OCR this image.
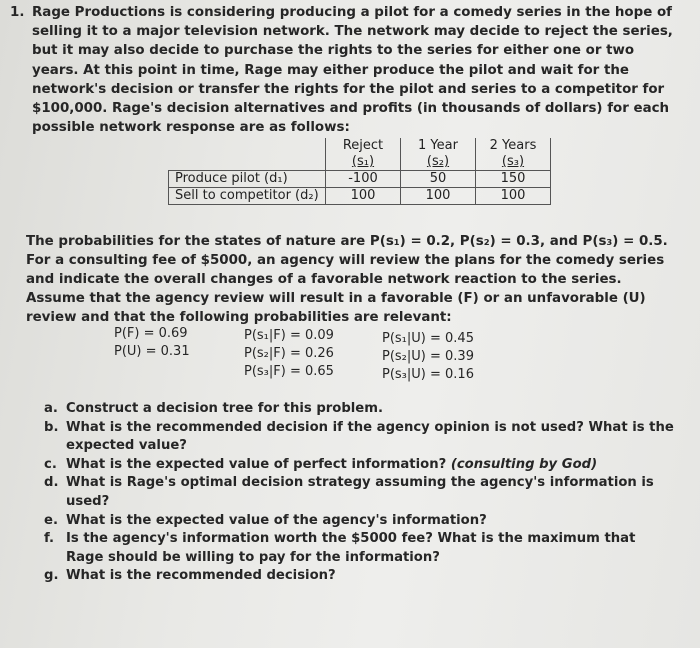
1. Rage Productions is considering producing a pilot for a comedy series in the hope of selling it to a major television network. The network may decide to reject the series, but it may also decide to purchase the rights to the series for either one or two years. At this point in time, Rage may either produce the pilot and wait for the network's decision or transfer the rights for the pilot and series to a competitor for $100,000. Rage's decision alternatives and profits (in thousands of dollars) for each possible network response are as follows:
	Reject	1 Year	2 Years
	(s₁)	(s₂)	(s₃)
Produce pilot (d₁)	-100	50	150
Sell to competitor (d₂)	100	100	100
The probabilities for the states of nature are P(s₁) = 0.2, P(s₂) = 0.3, and P(s₃) = 0.5. For a consulting fee of $5000, an agency will review the plans for the comedy series and indicate the overall changes of a favorable network reaction to the series. Assume that the agency review will result in a favorable (F) or an unfavorable (U) review and that the following probabilities are relevant:
P(F) = 0.69
P(U) = 0.31
P(s₁|F) = 0.09
P(s₂|F) = 0.26
P(s₃|F) = 0.65
P(s₁|U) = 0.45
P(s₂|U) = 0.39
P(s₃|U) = 0.16
a. Construct a decision tree for this problem.
b. What is the recommended decision if the agency opinion is not used? What is the expected value?
c. What is the expected value of perfect information? (consulting by God)
d. What is Rage's optimal decision strategy assuming the agency's information is used?
e. What is the expected value of the agency's information?
f. Is the agency's information worth the $5000 fee? What is the maximum that Rage should be willing to pay for the information?
g. What is the recommended decision?
